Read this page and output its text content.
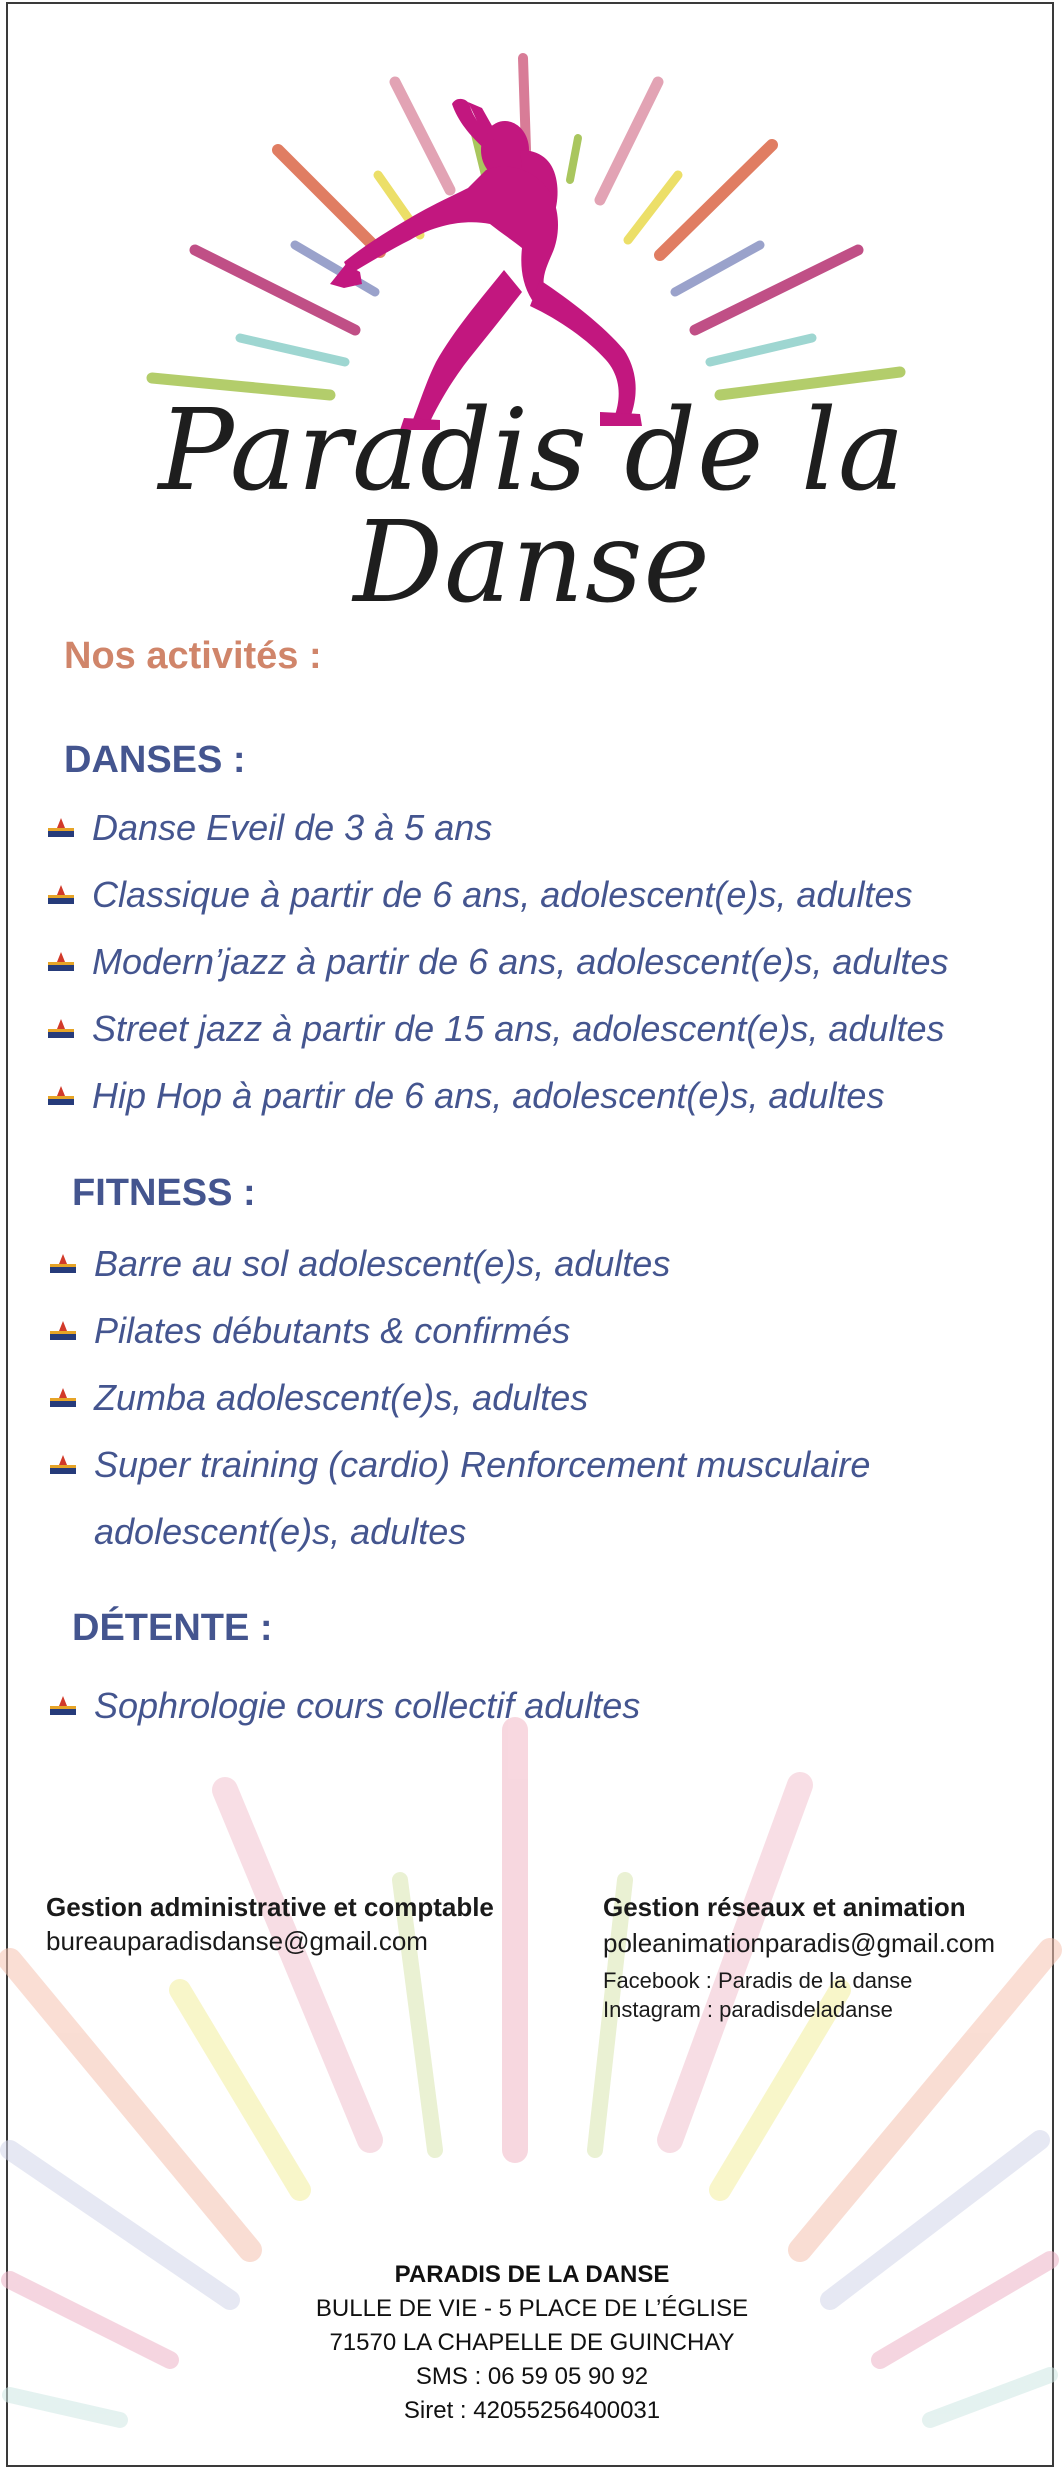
Paradis de la Danse
Nos activités :
DANSES :
Danse Eveil de 3 à 5 ans
Classique à partir de 6 ans, adolescent(e)s, adultes
Modern’jazz à partir de 6 ans, adolescent(e)s, adultes
Street jazz à partir de 15 ans, adolescent(e)s, adultes
Hip Hop à partir de 6 ans, adolescent(e)s, adultes
FITNESS :
Barre au sol adolescent(e)s, adultes
Pilates débutants & confirmés
Zumba adolescent(e)s, adultes
Super training (cardio) Renforcement musculaire
adolescent(e)s, adultes
DÉTENTE :
Sophrologie cours collectif adultes
Gestion administrative et comptable
bureauparadisdanse@gmail.com
Gestion réseaux et animation
poleanimationparadis@gmail.com
Facebook : Paradis de la danse
Instagram : paradisdeladanse
PARADIS DE LA DANSE
BULLE DE VIE - 5 PLACE DE L’ÉGLISE
71570 LA CHAPELLE DE GUINCHAY
SMS : 06 59 05 90 92
Siret : 42055256400031
